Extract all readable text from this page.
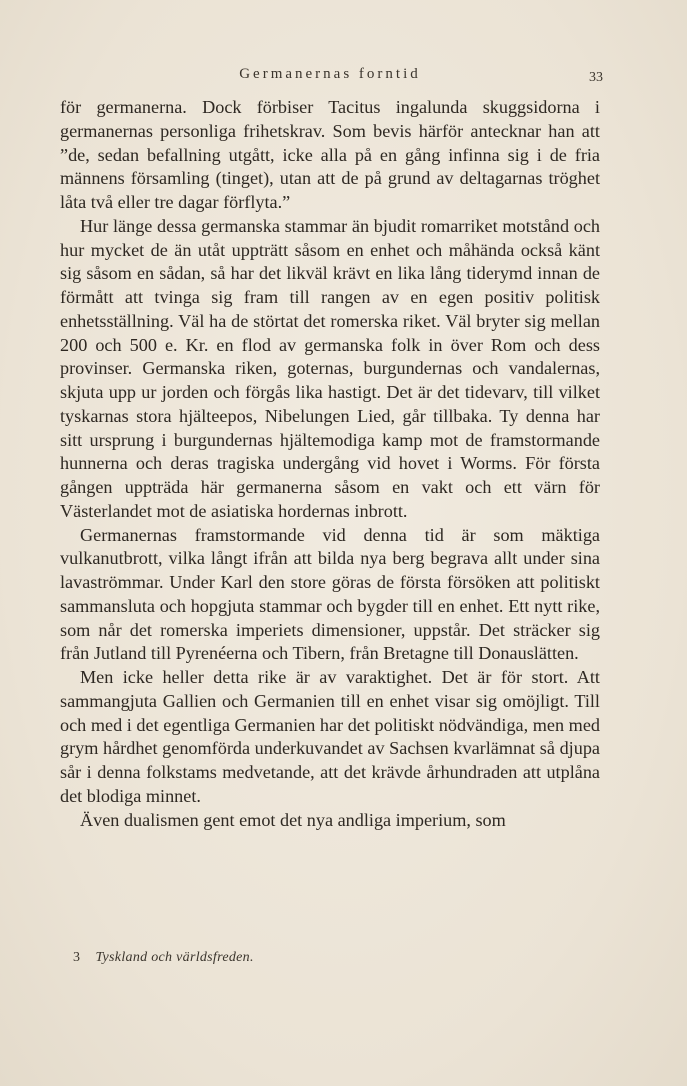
Germanernas forntid	33

för germanerna. Dock förbiser Tacitus ingalunda skuggsidorna i germanernas personliga frihetskrav. Som bevis härför antecknar han att ”de, sedan befallning utgått, icke alla på en gång infinna sig i de fria männens församling (tinget), utan att de på grund av deltagarnas tröghet låta två eller tre dagar förflyta.”

Hur länge dessa germanska stammar än bjudit romarriket motstånd och hur mycket de än utåt uppträtt såsom en enhet och måhända också känt sig såsom en sådan, så har det likväl krävt en lika lång tiderymd innan de förmått att tvinga sig fram till rangen av en egen positiv politisk enhetsställning. Väl ha de störtat det romerska riket. Väl bryter sig mellan 200 och 500 e. Kr. en flod av germanska folk in över Rom och dess provinser. Germanska riken, goternas, burgundernas och vandalernas, skjuta upp ur jorden och förgås lika hastigt. Det är det tidevarv, till vilket tyskarnas stora hjälteepos, Nibelungen Lied, går tillbaka. Ty denna har sitt ursprung i burgundernas hjältemodiga kamp mot de framstormande hunnerna och deras tragiska undergång vid hovet i Worms. För första gången uppträda här germanerna såsom en vakt och ett värn för Västerlandet mot de asiatiska hordernas inbrott.

Germanernas framstormande vid denna tid är som mäktiga vulkanutbrott, vilka långt ifrån att bilda nya berg begrava allt under sina lavaströmmar. Under Karl den store göras de första försöken att politiskt sammansluta och hopgjuta stammar och bygder till en enhet. Ett nytt rike, som når det romerska imperiets dimensioner, uppstår. Det sträcker sig från Jutland till Pyrenéerna och Tibern, från Bretagne till Donauslätten.

Men icke heller detta rike är av varaktighet. Det är för stort. Att sammangjuta Gallien och Germanien till en enhet visar sig omöjligt. Till och med i det egentliga Germanien har det politiskt nödvändiga, men med grym hårdhet genomförda underkuvandet av Sachsen kvarlämnat så djupa sår i denna folkstams medvetande, att det krävde århundraden att utplåna det blodiga minnet.

Även dualismen gent emot det nya andliga imperium, som

3 Tyskland och världsfreden.
